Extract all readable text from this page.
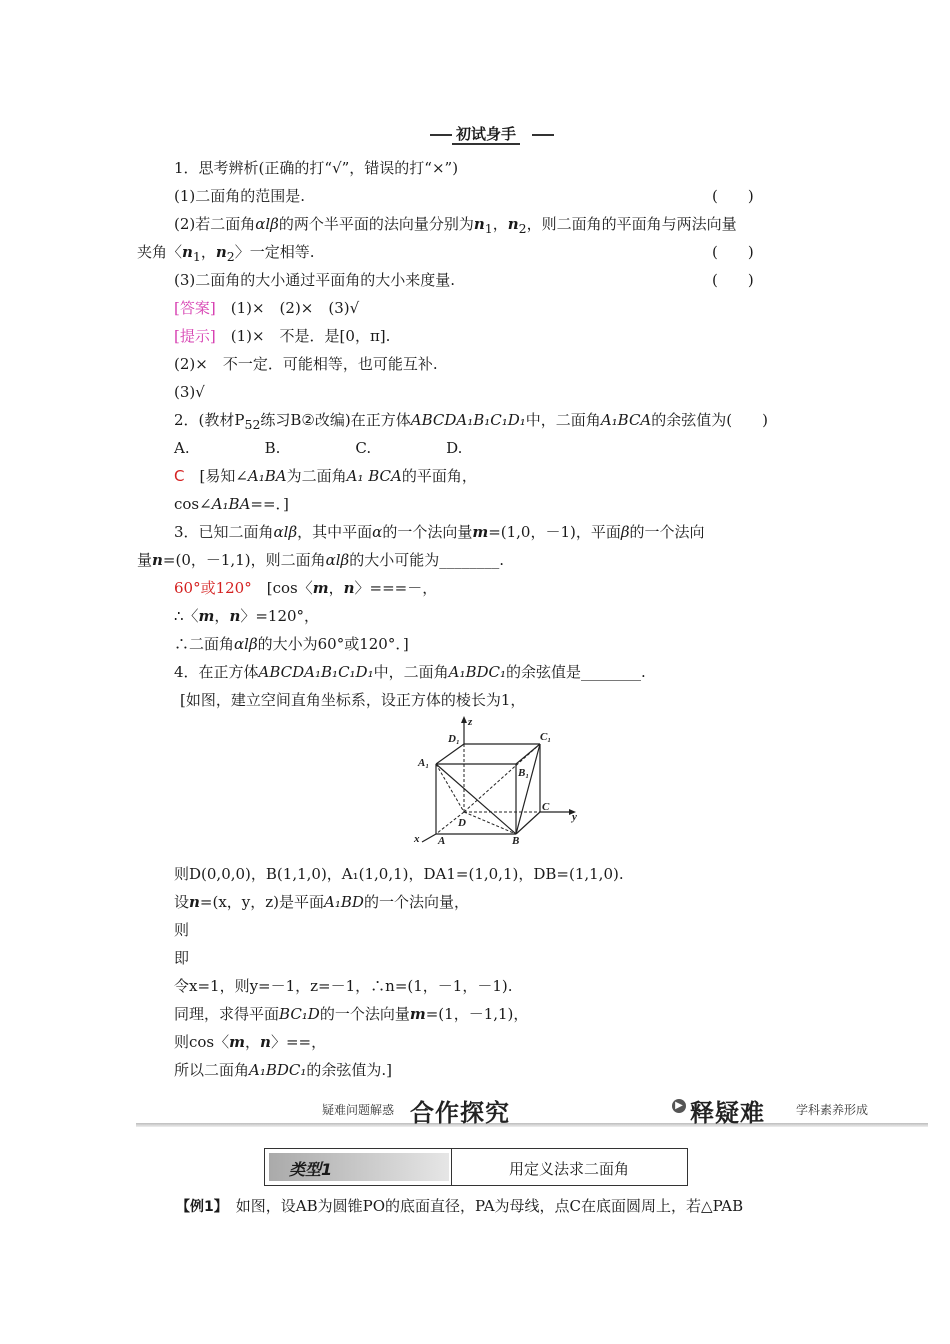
初试身手
1．思考辨析(正确的打“√”，错误的打“×”)
(1)二面角的范围是.	(　　)
(2)若二面角αlβ的两个半平面的法向量分别为$n_1$，$n_2$，则二面角的平面角与两法向量
夹角〈$n_1$，$n_2$〉一定相等.	(　　)
(3)二面角的大小通过平面角的大小来度量.	(　　)
[答案]　 (1)×　(2)×　(3)√
[提示]　 (1)×　不是．是[0，π].
(2)×　不一定．可能相等，也可能互补.
(3)√
2．(教材$P_{52}$练习B②改编)在正方体ABCDA₁B₁C₁D₁中，二面角A₁BCA的余弦值为(　　)
A.　　　　　B.　　　　　C.　　　　　D.
C　 [易知∠A₁BA为二面角A₁ BCA的平面角，
cos∠A₁BA==．]
3．已知二面角αlβ，其中平面α的一个法向量m=(1,0，－1)，平面β的一个法向
量n=(0，－1,1)，则二面角αlβ的大小可能为________.
60°或120°　 [cos〈m，n〉===－，
∴〈m，n〉=120°，
∴二面角αlβ的大小为60°或120°．]
4．在正方体ABCDA₁B₁C₁D₁中，二面角A₁BDC₁的余弦值是________.
[如图，建立空间直角坐标系，设正方体的棱长为1，
z
D₁	C₁
A₁
B₁
C
y
D
x A	B
则D(0,0,0)，B(1,1,0)，A₁(1,0,1)，DA1=(1,0,1)，DB=(1,1,0).
设n=(x，y，z)是平面A₁BD的一个法向量，
则
即
令x=1，则y=－1，z=－1，∴n=(1，－1，－1).
同理，求得平面BC₁D的一个法向量m=(1，－1,1)，
则cos〈m，n〉==，
所以二面角A₁BDC₁的余弦值为.]
疑难问题解惑 合作探究	▶ 释疑难	学科素养形成
类型1	用定义法求二面角
【例1】　 如图，设AB为圆锥PO的底面直径，PA为母线，点C在底面圆周上，若△PAB
